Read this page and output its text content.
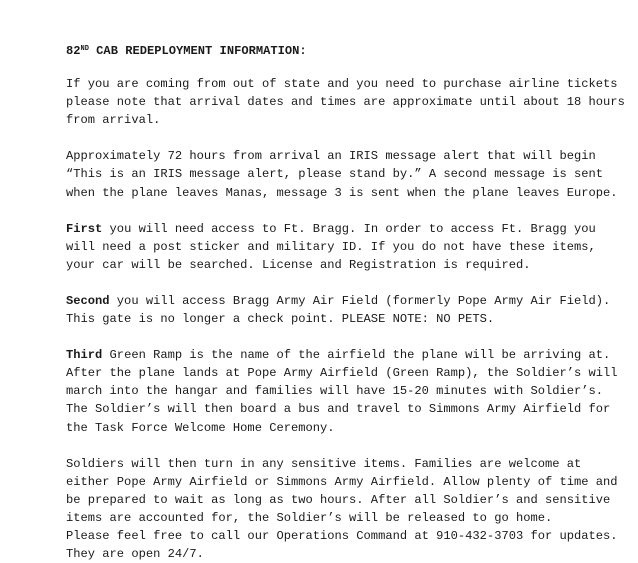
82ND CAB REDEPLOYMENT INFORMATION:

If you are coming from out of state and you need to purchase airline tickets please note that arrival dates and times are approximate until about 18 hours from arrival.

Approximately 72 hours from arrival an IRIS message alert that will begin “This is an IRIS message alert, please stand by.” A second message is sent when the plane leaves Manas, message 3 is sent when the plane leaves Europe.

First you will need access to Ft. Bragg. In order to access Ft. Bragg you will need a post sticker and military ID. If you do not have these items, your car will be searched. License and Registration is required.

Second you will access Bragg Army Air Field (formerly Pope Army Air Field). This gate is no longer a check point. PLEASE NOTE: NO PETS.

Third Green Ramp is the name of the airfield the plane will be arriving at. After the plane lands at Pope Army Airfield (Green Ramp), the Soldier’s will march into the hangar and families will have 15-20 minutes with Soldier’s. The Soldier’s will then board a bus and travel to Simmons Army Airfield for the Task Force Welcome Home Ceremony.

Soldiers will then turn in any sensitive items. Families are welcome at either Pope Army Airfield or Simmons Army Airfield. Allow plenty of time and be prepared to wait as long as two hours. After all Soldier’s and sensitive items are accounted for, the Soldier’s will be released to go home.

Please feel free to call our Operations Command at 910-432-3703 for updates. They are open 24/7.
